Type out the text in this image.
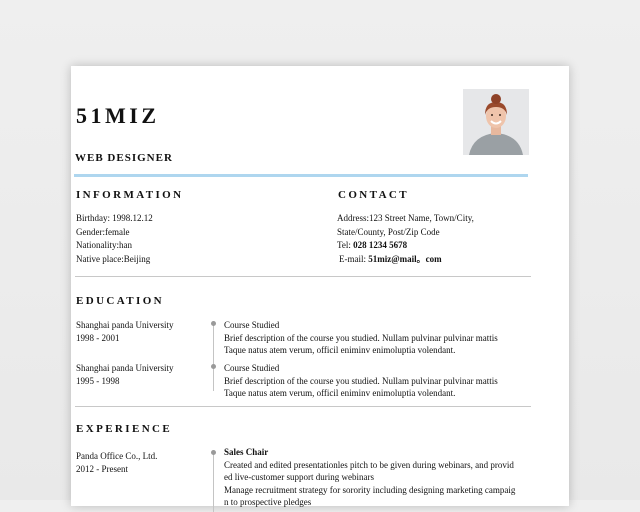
51MIZ
WEB DESIGNER
INFORMATION
Birthday: 1998.12.12
Gender:female
Nationality:han
Native place:Beijing
CONTACT
Address:123 Street Name, Town/City,
State/County, Post/Zip Code
Tel: 028 1234 5678
E-mail: 51miz@mail。com
EDUCATION
Shanghai panda University
1998 - 2001
Course Studied
Brief description of the course you studied. Nullam pulvinar pulvinar mattis
Taque natus atem verum, officil eniminv enimoluptia volendant.
Shanghai panda University
1995 - 1998
Course Studied
Brief description of the course you studied. Nullam pulvinar pulvinar mattis
Taque natus atem verum, officil eniminv enimoluptia volendant.
EXPERIENCE
Panda Office Co., Ltd.
2012 - Present
Sales Chair
Created and edited presentationles pitch to be given during webinars, and provid
ed live-customer support during webinars
Manage recruitment strategy for sorority including designing marketing campaig
n to prospective pledges
